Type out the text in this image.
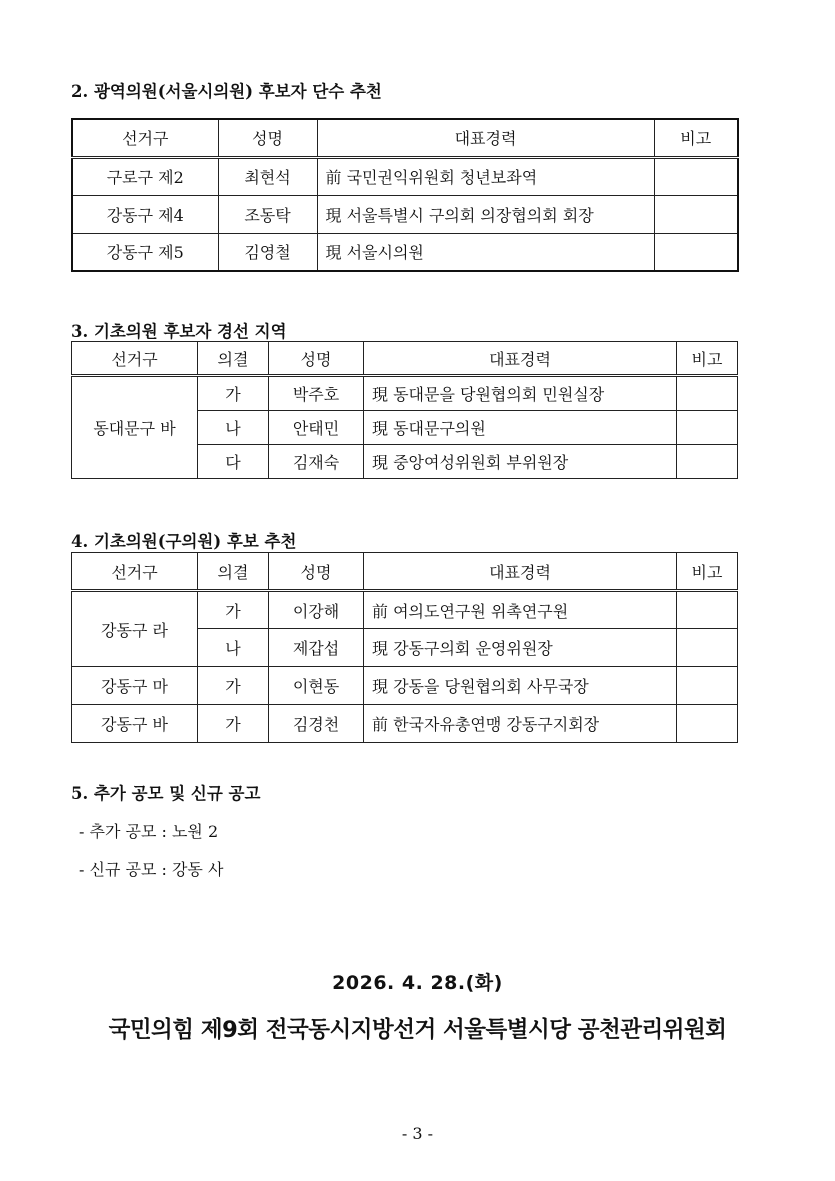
2. 광역의원(서울시의원) 후보자 단수 추천
선거구	성명	대표경력	비고
구로구 제2	최현석	前 국민권익위원회 청년보좌역	
강동구 제4	조동탁	現 서울특별시 구의회 의장협의회 회장	
강동구 제5	김영철	現 서울시의원	
3. 기초의원 후보자 경선 지역
선거구	의결	성명	대표경력	비고
동대문구 바	가	박주호	現 동대문을 당원협의회 민원실장	
	나	안태민	現 동대문구의원	
	다	김재숙	現 중앙여성위원회 부위원장	
4. 기초의원(구의원) 후보 추천
선거구	의결	성명	대표경력	비고
강동구 라	가	이강해	前 여의도연구원 위촉연구원	
	나	제갑섭	現 강동구의회 운영위원장	
강동구 마	가	이현동	現 강동을 당원협의회 사무국장	
강동구 바	가	김경천	前 한국자유총연맹 강동구지회장	
5. 추가 공모 및 신규 공고
- 추가 공모 : 노원 2
- 신규 공모 : 강동 사
2026. 4. 28.(화)
국민의힘 제9회 전국동시지방선거 서울특별시당 공천관리위원회
- 3 -
